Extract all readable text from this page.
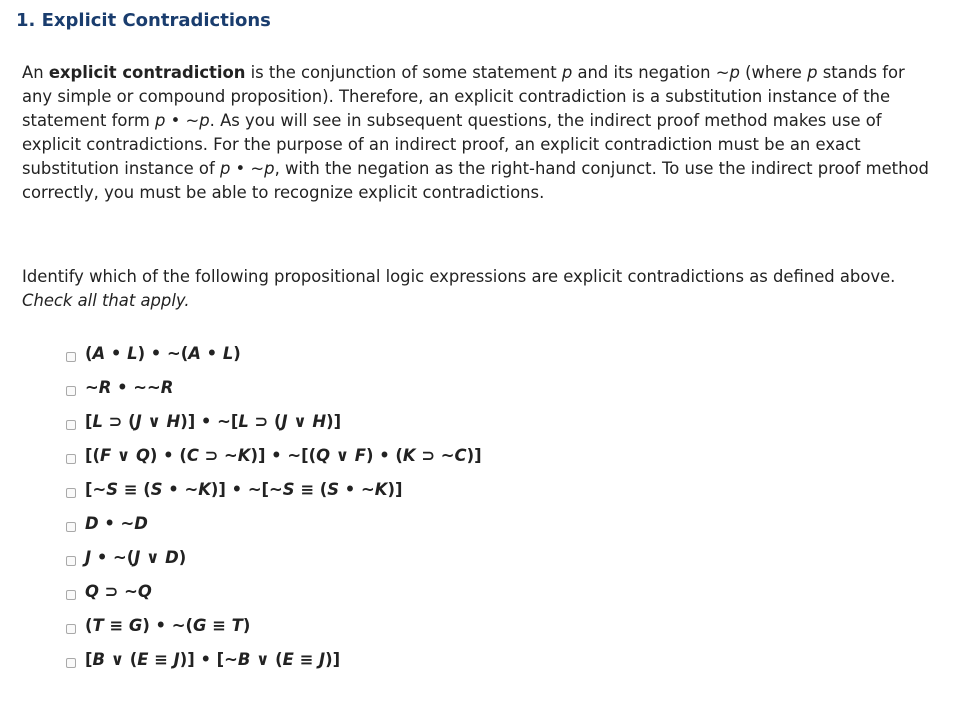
1. Explicit Contradictions

An explicit contradiction is the conjunction of some statement p and its negation ~p (where p stands for any simple or compound proposition). Therefore, an explicit contradiction is a substitution instance of the statement form p • ~p. As you will see in subsequent questions, the indirect proof method makes use of explicit contradictions. For the purpose of an indirect proof, an explicit contradiction must be an exact substitution instance of p • ~p, with the negation as the right-hand conjunct. To use the indirect proof method correctly, you must be able to recognize explicit contradictions.

Identify which of the following propositional logic expressions are explicit contradictions as defined above. Check all that apply.

(A • L) • ~(A • L)
~R • ~~R
[L ⊃ (J ∨ H)] • ~[L ⊃ (J ∨ H)]
[(F ∨ Q) • (C ⊃ ~K)] • ~[(Q ∨ F) • (K ⊃ ~C)]
[~S ≡ (S • ~K)] • ~[~S ≡ (S • ~K)]
D • ~D
J • ~(J ∨ D)
Q ⊃ ~Q
(T ≡ G) • ~(G ≡ T)
[B ∨ (E ≡ J)] • [~B ∨ (E ≡ J)]
